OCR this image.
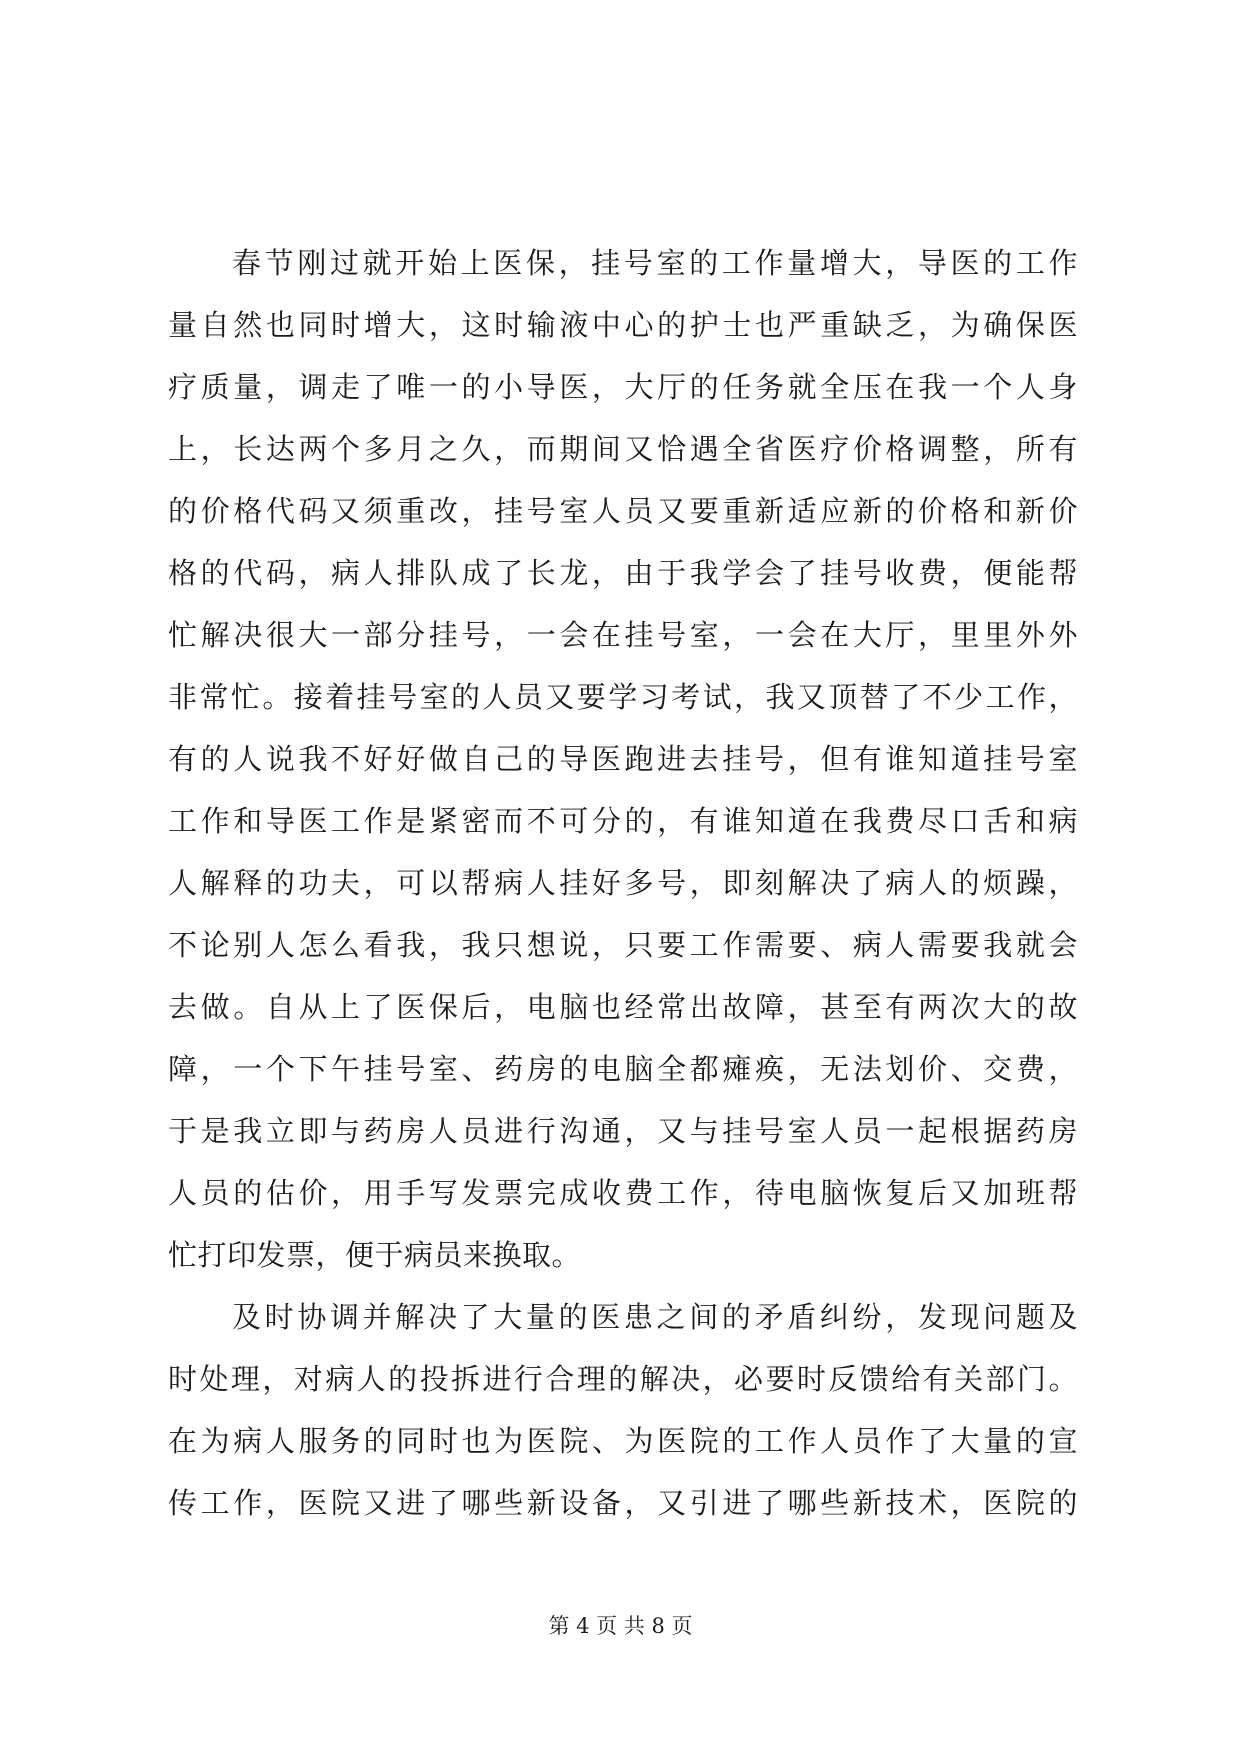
春节刚过就开始上医保，挂号室的工作量增大，导医的工作
量自然也同时增大，这时输液中心的护士也严重缺乏，为确保医
疗质量，调走了唯一的小导医，大厅的任务就全压在我一个人身
上，长达两个多月之久，而期间又恰遇全省医疗价格调整，所有
的价格代码又须重改，挂号室人员又要重新适应新的价格和新价
格的代码，病人排队成了长龙，由于我学会了挂号收费，便能帮
忙解决很大一部分挂号，一会在挂号室，一会在大厅，里里外外
非常忙。接着挂号室的人员又要学习考试，我又顶替了不少工作，
有的人说我不好好做自己的导医跑进去挂号，但有谁知道挂号室
工作和导医工作是紧密而不可分的，有谁知道在我费尽口舌和病
人解释的功夫，可以帮病人挂好多号，即刻解决了病人的烦躁，
不论别人怎么看我，我只想说，只要工作需要、病人需要我就会
去做。自从上了医保后，电脑也经常出故障，甚至有两次大的故
障，一个下午挂号室、药房的电脑全都瘫痪，无法划价、交费，
于是我立即与药房人员进行沟通，又与挂号室人员一起根据药房
人员的估价，用手写发票完成收费工作，待电脑恢复后又加班帮
忙打印发票，便于病员来换取。
及时协调并解决了大量的医患之间的矛盾纠纷，发现问题及
时处理，对病人的投拆进行合理的解决，必要时反馈给有关部门。
在为病人服务的同时也为医院、为医院的工作人员作了大量的宣
传工作，医院又进了哪些新设备，又引进了哪些新技术，医院的
第 4 页 共 8 页
